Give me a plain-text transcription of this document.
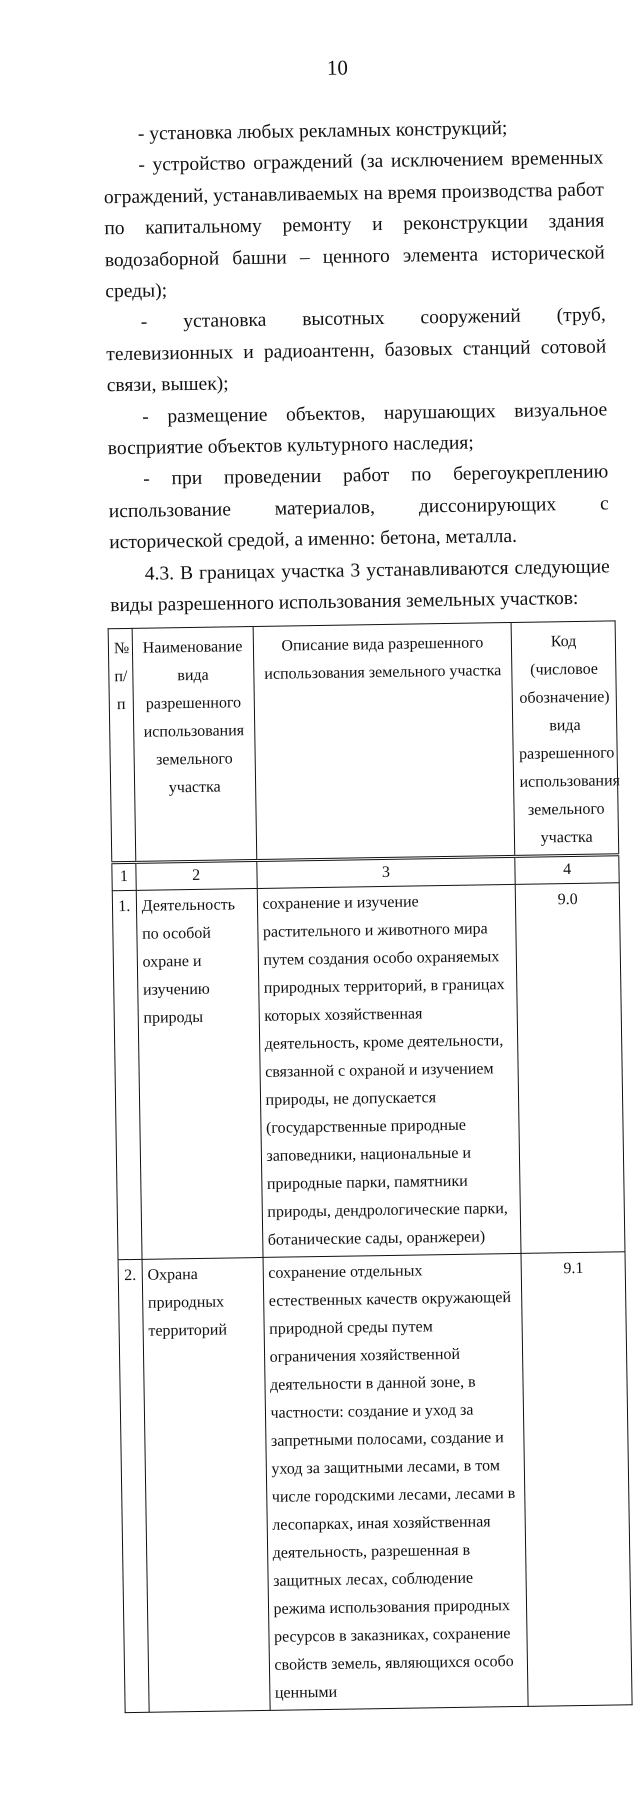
10

- установка любых рекламных конструкций;

- устройство ограждений (за исключением временных ограждений, устанавливаемых на время производства работ по капитальному ремонту и реконструкции здания водозаборной башни – ценного элемента исторической среды);

- установка высотных сооружений (труб, телевизионных и радиоантенн, базовых станций сотовой связи, вышек);

- размещение объектов, нарушающих визуальное восприятие объектов культурного наследия;

- при проведении работ по берегоукреплению использование материалов, диссонирующих с исторической средой, а именно: бетона, металла.

4.3. В границах участка 3 устанавливаются следующие виды разрешенного использования земельных участков:

№ п/п	Наименование вида разрешенного использования земельного участка	Описание вида разрешенного использования земельного участка	Код (числовое обозначение) вида разрешенного использования земельного участка
1	2	3	4
1.	Деятельность по особой охране и изучению природы	сохранение и изучение растительного и животного мира путем создания особо охраняемых природных территорий, в границах которых хозяйственная деятельность, кроме деятельности, связанной с охраной и изучением природы, не допускается (государственные природные заповедники, национальные и природные парки, памятники природы, дендрологические парки, ботанические сады, оранжереи)	9.0
2.	Охрана природных территорий	сохранение отдельных естественных качеств окружающей природной среды путем ограничения хозяйственной деятельности в данной зоне, в частности: создание и уход за запретными полосами, создание и уход за защитными лесами, в том числе городскими лесами, лесами в лесопарках, иная хозяйственная деятельность, разрешенная в защитных лесах, соблюдение режима использования природных ресурсов в заказниках, сохранение свойств земель, являющихся особо ценными	9.1
